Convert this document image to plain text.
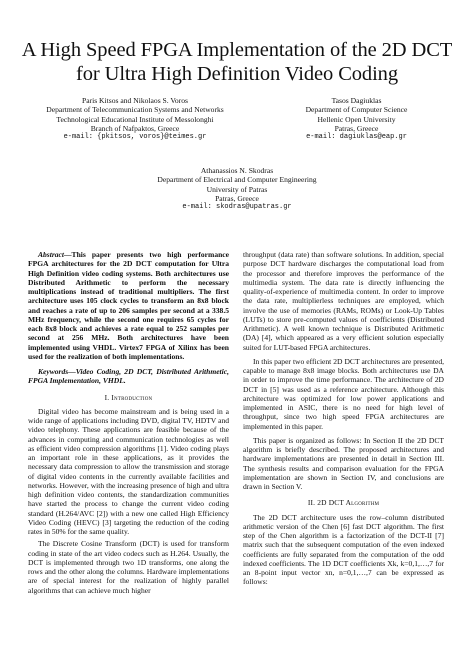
A High Speed FPGA Implementation of the 2D DCT
for Ultra High Definition Video Coding
Paris Kitsos and Nikolaos S. Voros
Department of Telecommunication Systems and Networks
Technological Educational Institute of Messolonghi
Branch of Nafpaktos, Greece
e-mail: {pkitsos, voros}@teimes.gr
Tasos Dagiuklas
Department of Computer Science
Hellenic Open University
Patras, Greece
e-mail: dagiuklas@eap.gr
Athanassios N. Skodras
Department of Electrical and Computer Engineering
University of Patras
Patras, Greece
e-mail: skodras@upatras.gr

Abstract—This paper presents two high performance FPGA architectures for the 2D DCT computation for Ultra High Definition video coding systems. Both architectures use Distributed Arithmetic to perform the necessary multiplications instead of traditional multipliers. The first architecture uses 105 clock cycles to transform an 8x8 block and reaches a rate of up to 206 samples per second at a 338.5 MHz frequency, while the second one requires 65 cycles for each 8x8 block and achieves a rate equal to 252 samples per second at 256 MHz. Both architectures have been implemented using VHDL. Virtex7 FPGA of Xilinx has been used for the realization of both implementations.

Keywords—Video Coding, 2D DCT, Distributed Arithmetic, FPGA Implementation, VHDL.

I. Introduction

Digital video has become mainstream and is being used in a wide range of applications including DVD, digital TV, HDTV and video telephony. These applications are feasible because of the advances in computing and communication technologies as well as efficient video compression algorithms [1]. Video coding plays an important role in these applications, as it provides the necessary data compression to allow the transmission and storage of digital video contents in the currently available facilities and networks. However, with the increasing presence of high and ultra high definition video contents, the standardization communities have started the process to change the current video coding standard (H.264/AVC [2]) with a new one called High Efficiency Video Coding (HEVC) [3] targeting the reduction of the coding rates in 50% for the same quality.

The Discrete Cosine Transform (DCT) is used for transform coding in state of the art video codecs such as H.264. Usually, the DCT is implemented through two 1D transforms, one along the rows and the other along the columns. Hardware implementations are of special interest for the realization of highly parallel algorithms that can achieve much higher

throughput (data rate) than software solutions. In addition, special purpose DCT hardware discharges the computational load from the processor and therefore improves the performance of the multimedia system. The data rate is directly influencing the quality-of-experience of multimedia content. In order to improve the data rate, multiplierless techniques are employed, which involve the use of memories (RAMs, ROMs) or Look-Up Tables (LUTs) to store pre-computed values of coefficients (Distributed Arithmetic). A well known technique is Distributed Arithmetic (DA) [4], which appeared as a very efficient solution especially suited for LUT-based FPGA architectures.

In this paper two efficient 2D DCT architectures are presented, capable to manage 8x8 image blocks. Both architectures use DA in order to improve the time performance. The architecture of 2D DCT in [5] was used as a reference architecture. Although this architecture was optimized for low power applications and implemented in ASIC, there is no need for high level of throughput, since two high speed FPGA architectures are implemented in this paper.

This paper is organized as follows: In Section II the 2D DCT algorithm is briefly described. The proposed architectures and hardware implementations are presented in detail in Section III. The synthesis results and comparison evaluation for the FPGA implementation are shown in Section IV, and conclusions are drawn in Section V.

II. 2D DCT Algorithm

The 2D DCT architecture uses the row–column distributed arithmetic version of the Chen [6] fast DCT algorithm. The first step of the Chen algorithm is a factorization of the DCT-II [7] matrix such that the subsequent computation of the even indexed coefficients are fully separated from the computation of the odd indexed coefficients. The 1D DCT coefficients Xk, k=0,1,…,7 for an 8-point input vector xn, n=0,1,…,7 can be expressed as follows:
